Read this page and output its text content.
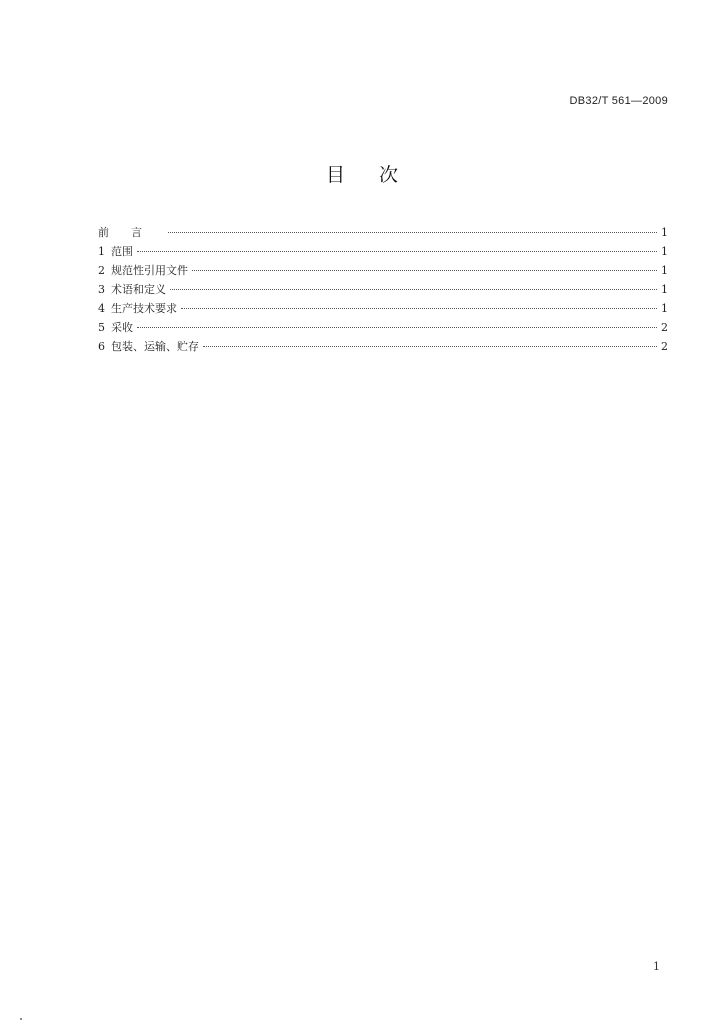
DB32/T 561—2009
目 次
前言	1
1 范围	1
2 规范性引用文件	1
3 术语和定义	1
4 生产技术要求	1
5 采收	2
6 包装、运输、贮存	2
1
